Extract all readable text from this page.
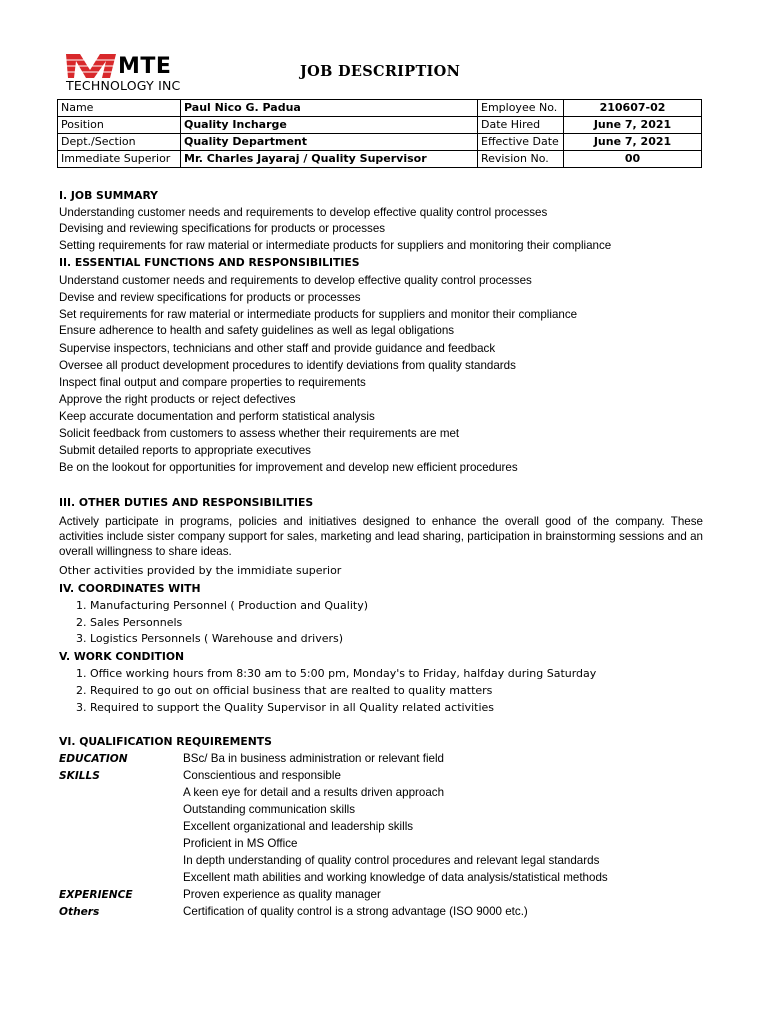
MTE
TECHNOLOGY INC
JOB DESCRIPTION
Name	Paul Nico G. Padua	Employee No.	210607-02
Position	Quality Incharge	Date Hired	June 7, 2021
Dept./Section	Quality Department	Effective Date	June 7, 2021
Immediate Superior	Mr. Charles Jayaraj / Quality Supervisor	Revision No.	00
I. JOB SUMMARY
Understanding customer needs and requirements to develop effective quality control processes
Devising and reviewing specifications for products or processes
Setting requirements for raw material or intermediate products for suppliers and monitoring their compliance
II. ESSENTIAL FUNCTIONS AND RESPONSIBILITIES
Understand customer needs and requirements to develop effective quality control processes
Devise and review specifications for products or processes
Set requirements for raw material or intermediate products for suppliers and monitor their compliance
Ensure adherence to health and safety guidelines as well as legal obligations
Supervise inspectors, technicians and other staff and provide guidance and feedback
Oversee all product development procedures to identify deviations from quality standards
Inspect final output and compare properties to requirements
Approve the right products or reject defectives
Keep accurate documentation and perform statistical analysis
Solicit feedback from customers to assess whether their requirements are met
Submit detailed reports to appropriate executives
Be on the lookout for opportunities for improvement and develop new efficient procedures
III. OTHER DUTIES AND RESPONSIBILITIES
Actively participate in programs, policies and initiatives designed to enhance the overall good of the company. These activities include sister company support for sales, marketing and lead sharing, participation in brainstorming sessions and an overall willingness to share ideas.
Other activities provided by the immidiate superior
IV. COORDINATES WITH
1. Manufacturing Personnel ( Production and Quality)
2. Sales Personnels
3. Logistics Personnels ( Warehouse and drivers)
V. WORK CONDITION
1. Office working hours from 8:30 am to 5:00 pm, Monday's to Friday, halfday during Saturday
2. Required to go out on official business that are realted to quality matters
3. Required to support the Quality Supervisor in all Quality related activities
VI. QUALIFICATION REQUIREMENTS
EDUCATION	BSc/ Ba in business administration or relevant field
SKILLS	Conscientious and responsible
A keen eye for detail and a results driven approach
Outstanding communication skills
Excellent organizational and leadership skills
Proficient in MS Office
In depth understanding of quality control procedures and relevant legal standards
Excellent math abilities and working knowledge of data analysis/statistical methods
EXPERIENCE	Proven experience as quality manager
Others	Certification of quality control is a strong advantage (ISO 9000 etc.)
